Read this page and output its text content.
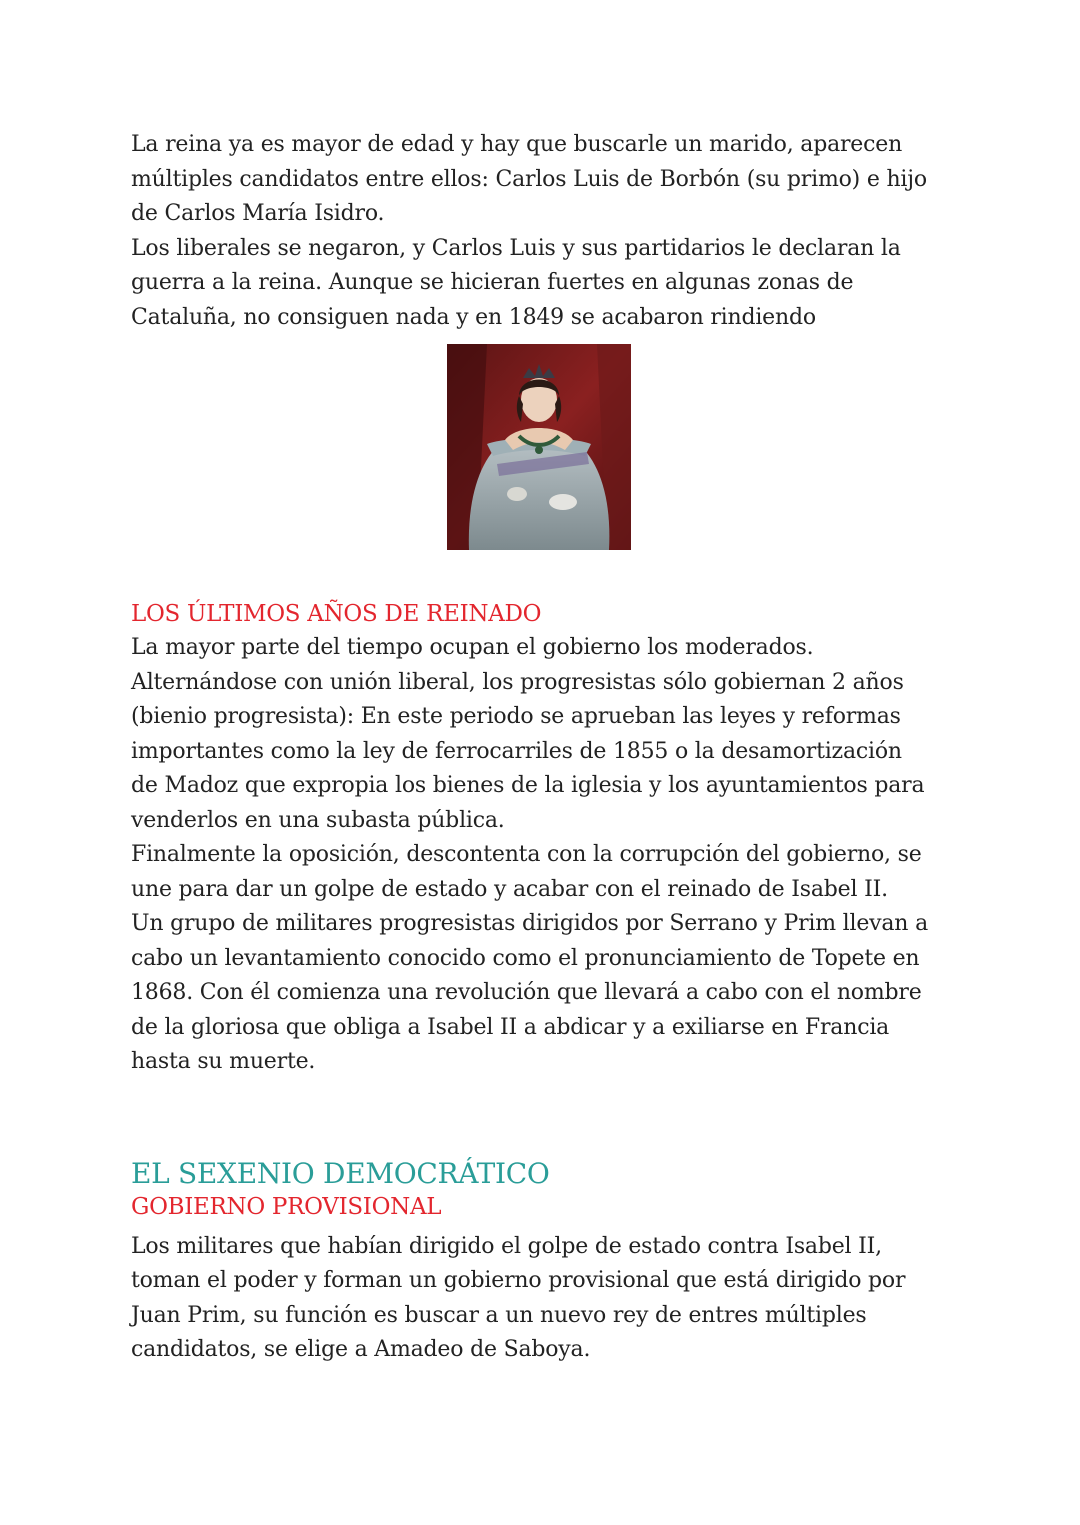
La reina ya es mayor de edad y hay que buscarle un marido, aparecen
múltiples candidatos entre ellos: Carlos Luis de Borbón (su primo) e hijo
de Carlos María Isidro.
Los liberales se negaron, y Carlos Luis y sus partidarios le declaran la
guerra a la reina. Aunque se hicieran fuertes en algunas zonas de
Cataluña, no consiguen nada y en 1849 se acabaron rindiendo

LOS ÚLTIMOS AÑOS DE REINADO

La mayor parte del tiempo ocupan el gobierno los moderados.
Alternándose con unión liberal, los progresistas sólo gobiernan 2 años
(bienio progresista): En este periodo se aprueban las leyes y reformas
importantes como la ley de ferrocarriles de 1855 o la desamortización
de Madoz que expropia los bienes de la iglesia y los ayuntamientos para
venderlos en una subasta pública.
Finalmente la oposición, descontenta con la corrupción del gobierno, se
une para dar un golpe de estado y acabar con el reinado de Isabel II.
Un grupo de militares progresistas dirigidos por Serrano y Prim llevan a
cabo un levantamiento conocido como el pronunciamiento de Topete en
1868. Con él comienza una revolución que llevará a cabo con el nombre
de la gloriosa que obliga a Isabel II a abdicar y a exiliarse en Francia
hasta su muerte.

EL SEXENIO DEMOCRÁTICO
GOBIERNO PROVISIONAL

Los militares que habían dirigido el golpe de estado contra Isabel II,
toman el poder y forman un gobierno provisional que está dirigido por
Juan Prim, su función es buscar a un nuevo rey de entres múltiples
candidatos, se elige a Amadeo de Saboya.
